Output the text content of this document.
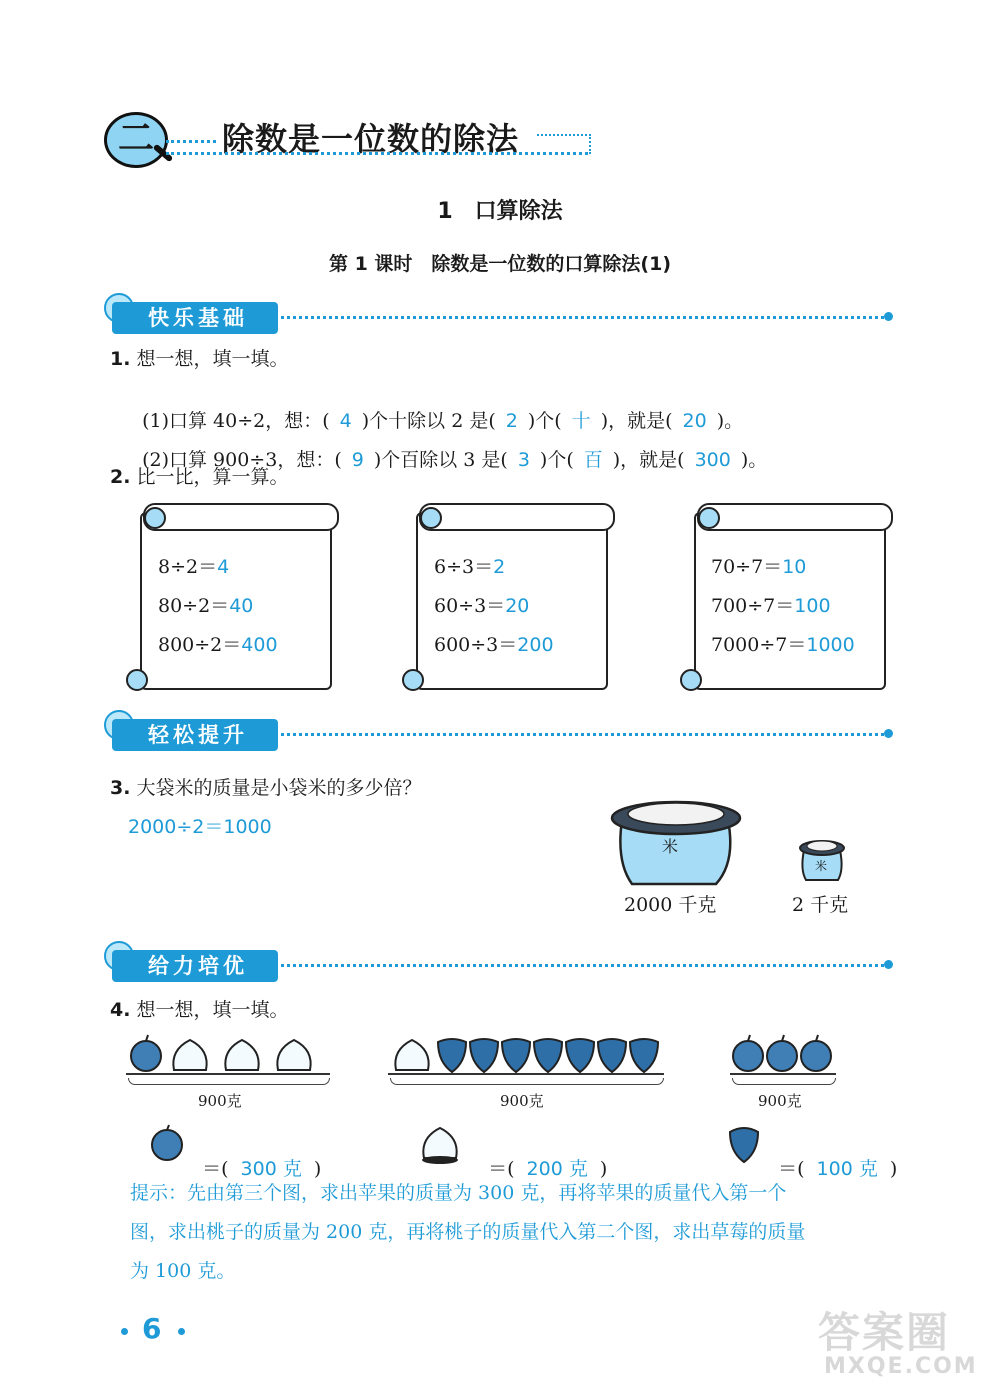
二	除数是一位数的除法
1　口算除法
第 1 课时　除数是一位数的口算除法(1)
快乐基础
1. 想一想，填一填。

(1)口算 40÷2，想：( 4 )个十除以 2 是( 2 )个( 十 )，就是( 20 )。

(2)口算 900÷3，想：( 9 )个百除以 3 是( 3 )个( 百 )，就是( 300 )。

2. 比一比，算一算。
8÷2＝4
80÷2＝40
800÷2＝400
6÷3＝2
60÷3＝20
600÷3＝200
70÷7＝10
700÷7＝100
7000÷7＝1000
轻松提升
3. 大袋米的质量是小袋米的多少倍？
2000÷2＝1000
米
2000 千克
米
2 千克
给力培优
4. 想一想，填一填。
900克	900克	900克

＝( 300 克 )	＝( 200 克 )	＝( 100 克 )

提示：先由第三个图，求出苹果的质量为 300 克，再将苹果的质量代入第一个
图，求出桃子的质量为 200 克，再将桃子的质量代入第二个图，求出草莓的质量
为 100 克。
6	答案圈
MXQE.COM
